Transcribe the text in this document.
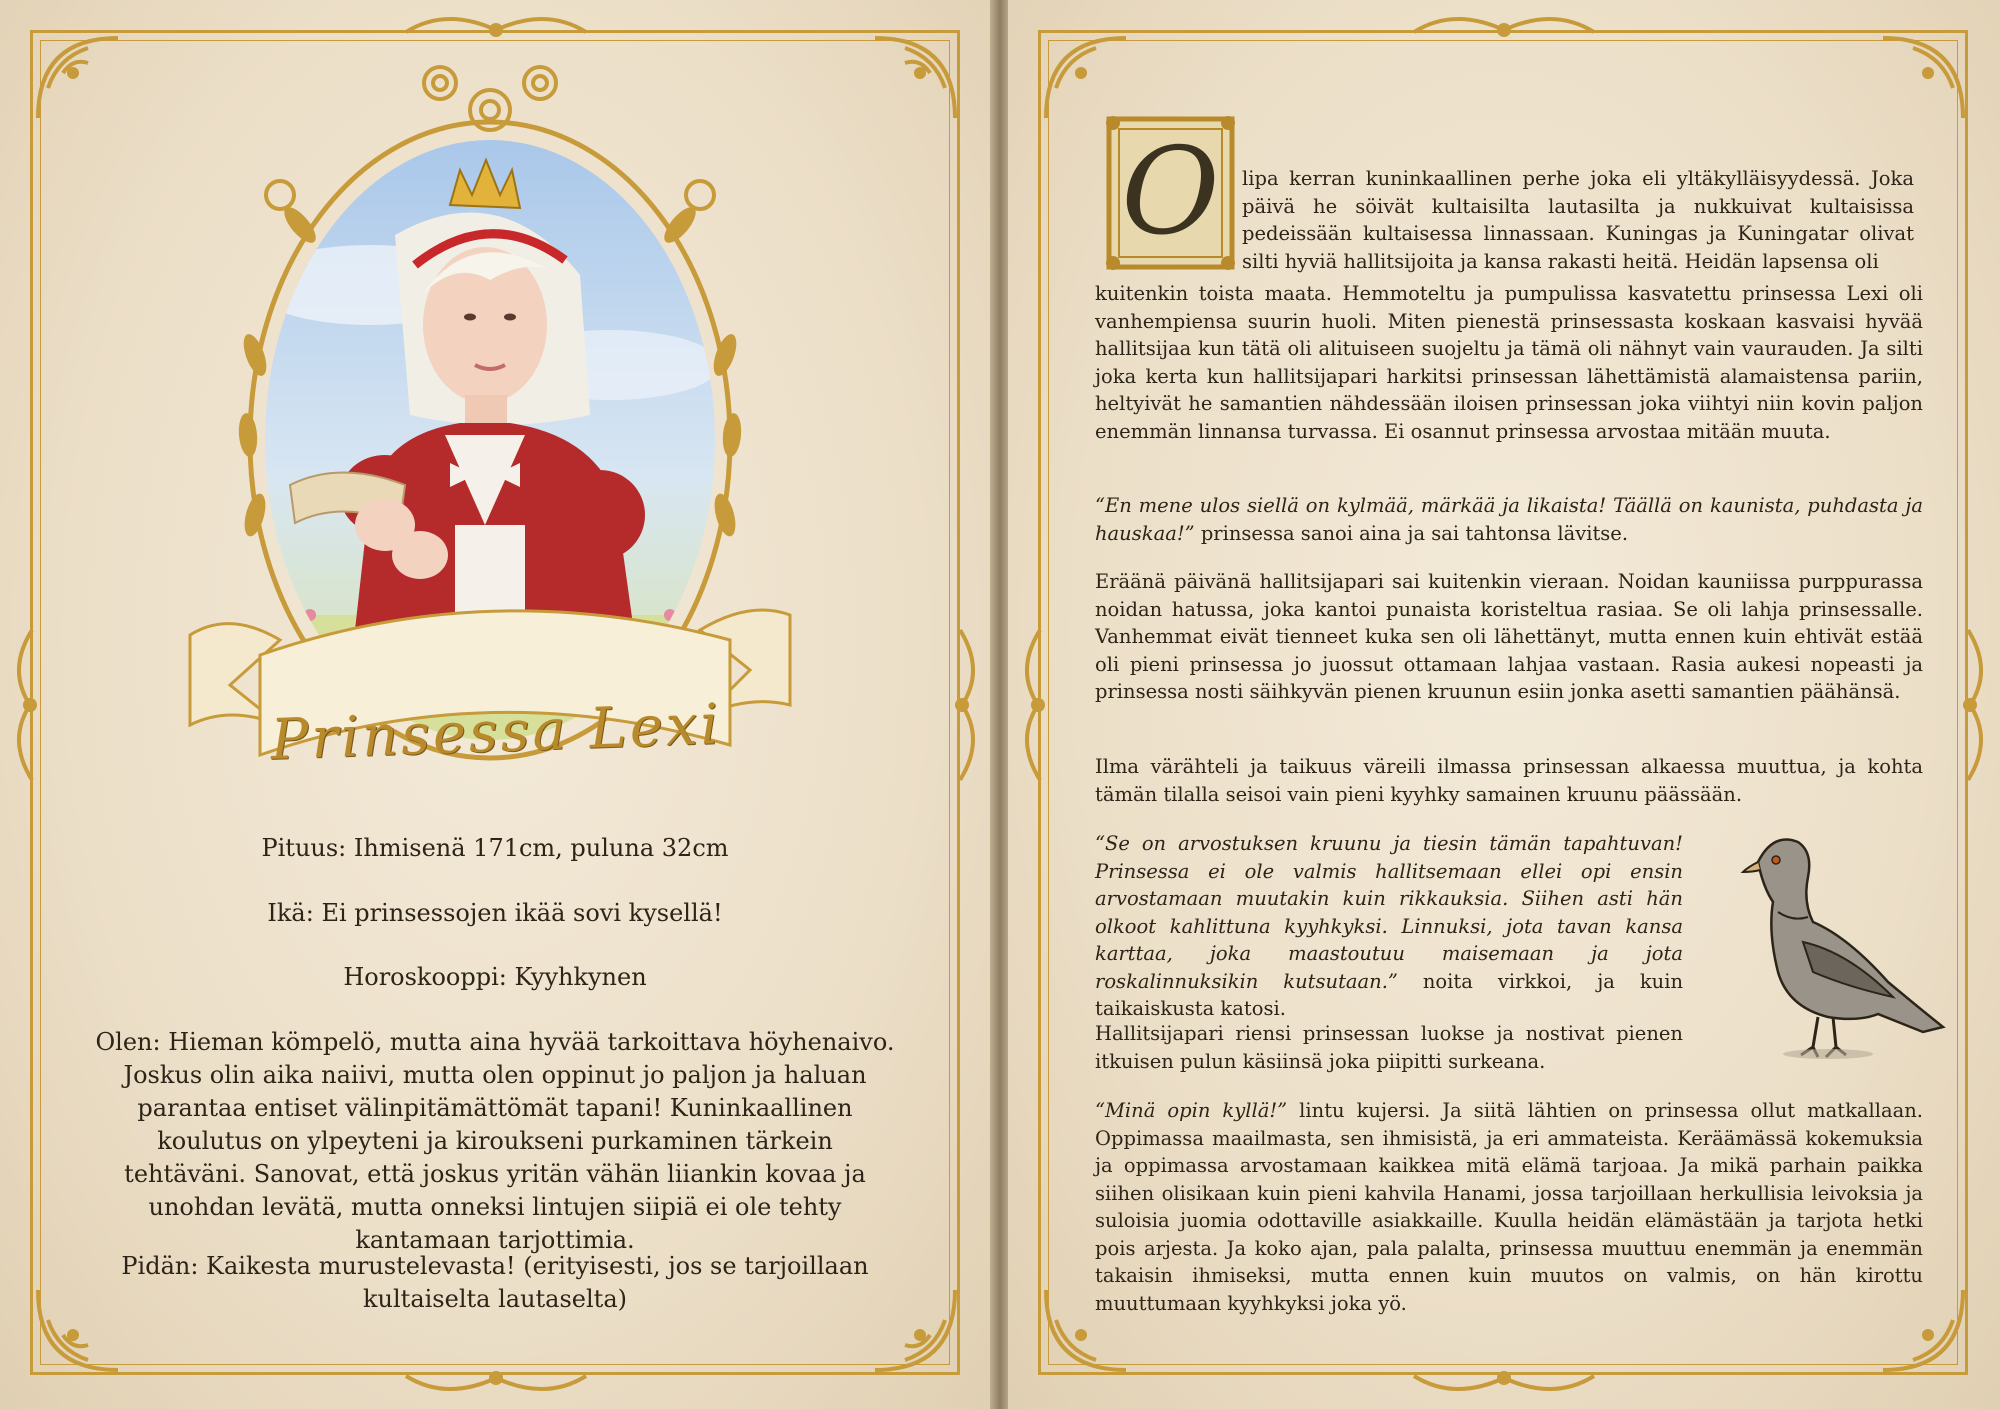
Prinsessa Lexi

Pituus: Ihmisenä 171cm, puluna 32cm

Ikä: Ei prinsessojen ikää sovi kysellä!

Horoskooppi: Kyyhkynen

Olen: Hieman kömpelö, mutta aina hyvää tarkoittava höyhenaivo. Joskus olin aika naiivi, mutta olen oppinut jo paljon ja haluan parantaa entiset välinpitämättömät tapani! Kuninkaallinen koulutus on ylpeyteni ja kiroukseni purkaminen tärkein tehtäväni. Sanovat, että joskus yritän vähän liiankin kovaa ja unohdan levätä, mutta onneksi lintujen siipiä ei ole tehty kantamaan tarjottimia.

Pidän: Kaikesta murustelevasta! (erityisesti, jos se tarjoillaan kultaiselta lautaselta)

O	lipa kerran kuninkaallinen perhe joka eli yltäkylläisyydessä. Joka päivä he söivät kultaisilta lautasilta ja nukkuivat kultaisissa pedeissään kultaisessa linnassaan. Kuningas ja Kuningatar olivat silti hyviä hallitsijoita ja kansa rakasti heitä. Heidän lapsensa oli

kuitenkin toista maata. Hemmoteltu ja pumpulissa kasvatettu prinsessa Lexi oli vanhempiensa suurin huoli. Miten pienestä prinsessasta koskaan kasvaisi hyvää hallitsijaa kun tätä oli alituiseen suojeltu ja tämä oli nähnyt vain vaurauden. Ja silti joka kerta kun hallitsijapari harkitsi prinsessan lähettämistä alamaistensa pariin, heltyivät he samantien nähdessään iloisen prinsessan joka viihtyi niin kovin paljon enemmän linnansa turvassa. Ei osannut prinsessa arvostaa mitään muuta.

“En mene ulos siellä on kylmää, märkää ja likaista! Täällä on kaunista, puhdasta ja hauskaa!” prinsessa sanoi aina ja sai tahtonsa lävitse.

Eräänä päivänä hallitsijapari sai kuitenkin vieraan. Noidan kauniissa purppurassa noidan hatussa, joka kantoi punaista koristeltua rasiaa. Se oli lahja prinsessalle. Vanhemmat eivät tienneet kuka sen oli lähettänyt, mutta ennen kuin ehtivät estää oli pieni prinsessa jo juossut ottamaan lahjaa vastaan. Rasia aukesi nopeasti ja prinsessa nosti säihkyvän pienen kruunun esiin jonka asetti samantien päähänsä.

Ilma värähteli ja taikuus väreili ilmassa prinsessan alkaessa muuttua, ja kohta tämän tilalla seisoi vain pieni kyyhky samainen kruunu päässään.

“Se on arvostuksen kruunu ja tiesin tämän tapahtuvan! Prinsessa ei ole valmis hallitsemaan ellei opi ensin arvostamaan muutakin kuin rikkauksia. Siihen asti hän olkoot kahlittuna kyyhkyksi. Linnuksi, jota tavan kansa karttaa, joka maastoutuu maisemaan ja jota roskalinnuksikin kutsutaan.” noita virkkoi, ja kuin taikaiskusta katosi.

Hallitsijapari riensi prinsessan luokse ja nostivat pienen itkuisen pulun käsiinsä joka piipitti surkeana.

“Minä opin kyllä!” lintu kujersi. Ja siitä lähtien on prinsessa ollut matkallaan. Oppimassa maailmasta, sen ihmisistä, ja eri ammateista. Keräämässä kokemuksia ja oppimassa arvostamaan kaikkea mitä elämä tarjoaa. Ja mikä parhain paikka siihen olisikaan kuin pieni kahvila Hanami, jossa tarjoillaan herkullisia leivoksia ja suloisia juomia odottaville asiakkaille. Kuulla heidän elämästään ja tarjota hetki pois arjesta. Ja koko ajan, pala palalta, prinsessa muuttuu enemmän ja enemmän takaisin ihmiseksi, mutta ennen kuin muutos on valmis, on hän kirottu muuttumaan kyyhkyksi joka yö.
